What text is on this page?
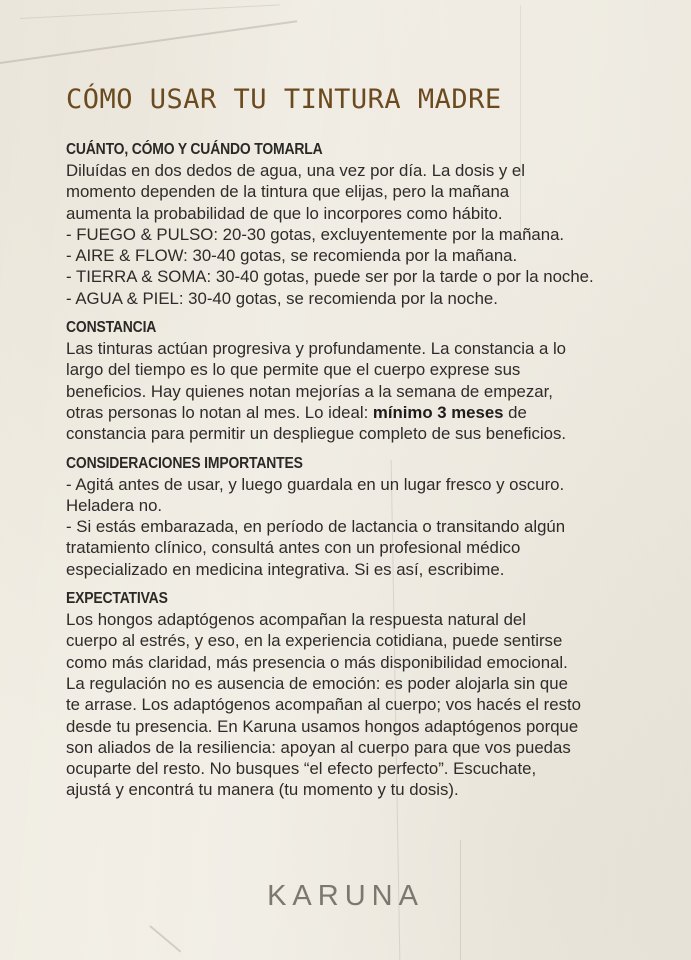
CÓMO USAR TU TINTURA MADRE
CUÁNTO, CÓMO Y CUÁNDO TOMARLA

Diluídas en dos dedos de agua, una vez por día. La dosis y el
momento dependen de la tintura que elijas, pero la mañana
aumenta la probabilidad de que lo incorpores como hábito.
- FUEGO & PULSO: 20-30 gotas, excluyentemente por la mañana.
- AIRE & FLOW: 30-40 gotas, se recomienda por la mañana.
- TIERRA & SOMA: 30-40 gotas, puede ser por la tarde o por la noche.
- AGUA & PIEL: 30-40 gotas, se recomienda por la noche.

CONSTANCIA

Las tinturas actúan progresiva y profundamente. La constancia a lo
largo del tiempo es lo que permite que el cuerpo exprese sus
beneficios. Hay quienes notan mejorías a la semana de empezar,
otras personas lo notan al mes. Lo ideal: mínimo 3 meses de
constancia para permitir un despliegue completo de sus beneficios.

CONSIDERACIONES IMPORTANTES

- Agitá antes de usar, y luego guardala en un lugar fresco y oscuro.
Heladera no.
- Si estás embarazada, en período de lactancia o transitando algún
tratamiento clínico, consultá antes con un profesional médico
especializado en medicina integrativa. Si es así, escribime.

EXPECTATIVAS

Los hongos adaptógenos acompañan la respuesta natural del
cuerpo al estrés, y eso, en la experiencia cotidiana, puede sentirse
como más claridad, más presencia o más disponibilidad emocional.
La regulación no es ausencia de emoción: es poder alojarla sin que
te arrase. Los adaptógenos acompañan al cuerpo; vos hacés el resto
desde tu presencia. En Karuna usamos hongos adaptógenos porque
son aliados de la resiliencia: apoyan al cuerpo para que vos puedas
ocuparte del resto. No busques “el efecto perfecto”. Escuchate,
ajustá y encontrá tu manera (tu momento y tu dosis).

KARUNA
